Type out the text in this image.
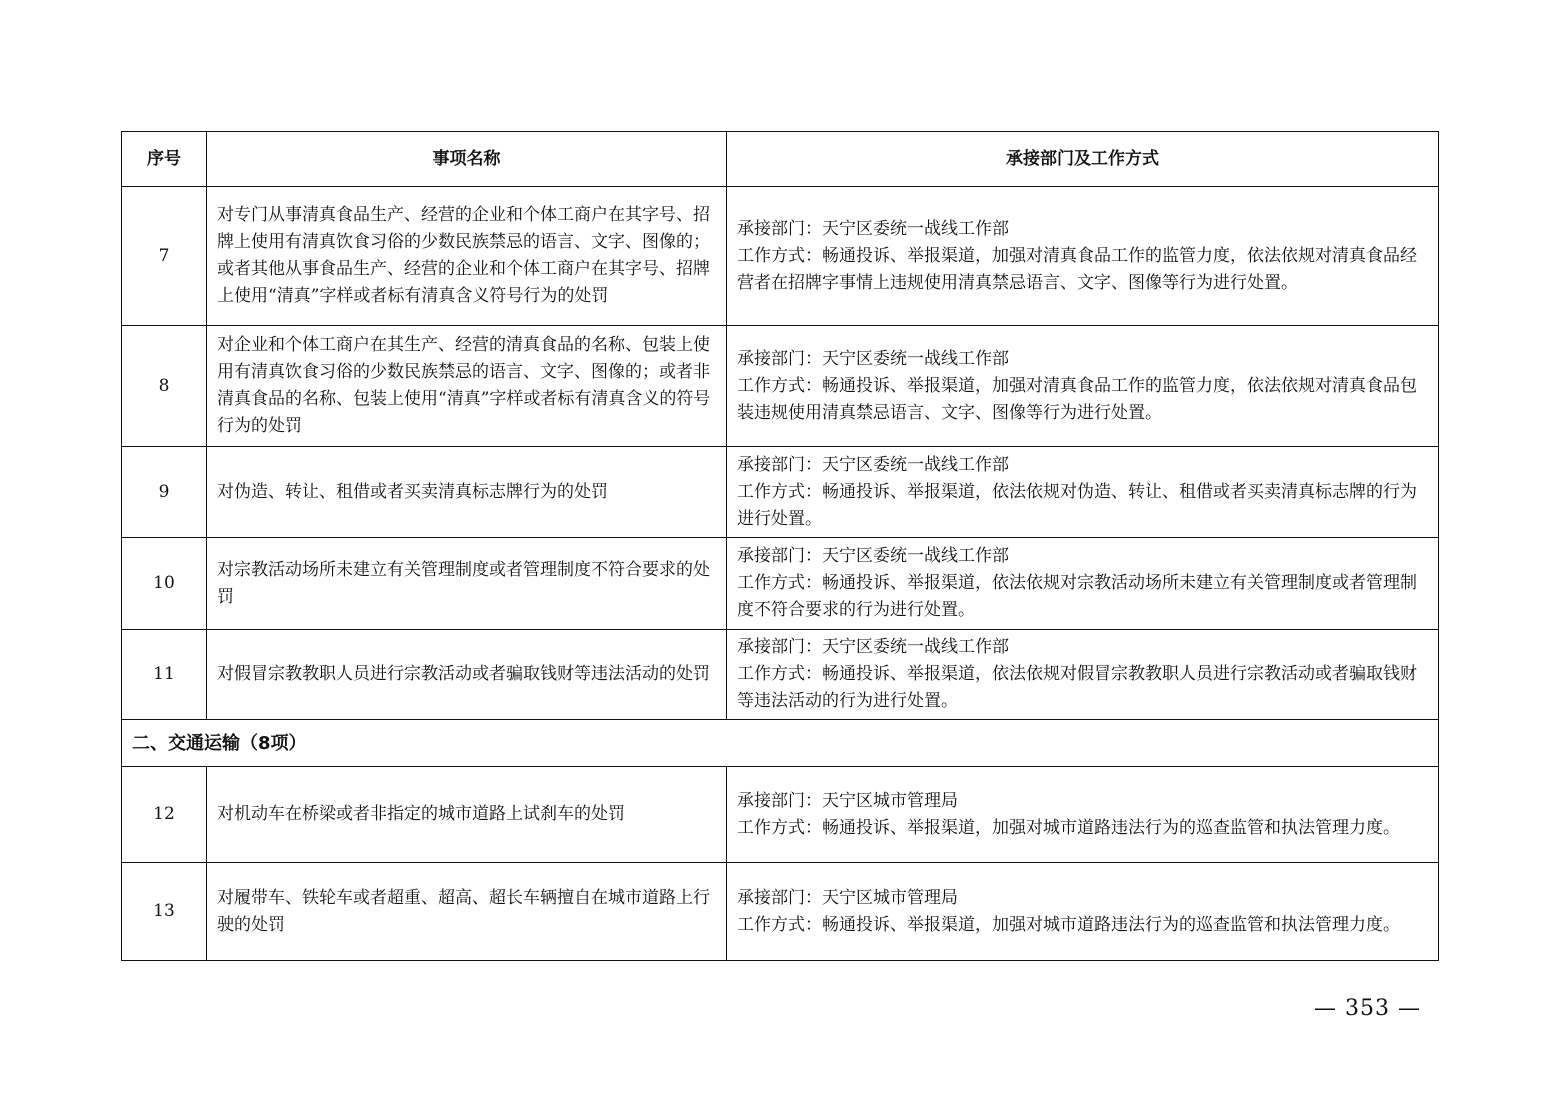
序号	事项名称	承接部门及工作方式
7	对专门从事清真食品生产、经营的企业和个体工商户在其字号、招牌上使用有清真饮食习俗的少数民族禁忌的语言、文字、图像的；或者其他从事食品生产、经营的企业和个体工商户在其字号、招牌上使用“清真”字样或者标有清真含义符号行为的处罚	承接部门：天宁区委统一战线工作部
工作方式：畅通投诉、举报渠道，加强对清真食品工作的监管力度，依法依规对清真食品经营者在招牌字事情上违规使用清真禁忌语言、文字、图像等行为进行处置。

8	对企业和个体工商户在其生产、经营的清真食品的名称、包装上使用有清真饮食习俗的少数民族禁忌的语言、文字、图像的；或者非清真食品的名称、包装上使用“清真”字样或者标有清真含义的符号行为的处罚	承接部门：天宁区委统一战线工作部
工作方式：畅通投诉、举报渠道，加强对清真食品工作的监管力度，依法依规对清真食品包装违规使用清真禁忌语言、文字、图像等行为进行处置。

9	对伪造、转让、租借或者买卖清真标志牌行为的处罚	承接部门：天宁区委统一战线工作部
工作方式：畅通投诉、举报渠道，依法依规对伪造、转让、租借或者买卖清真标志牌的行为进行处置。

10	对宗教活动场所未建立有关管理制度或者管理制度不符合要求的处罚	承接部门：天宁区委统一战线工作部
工作方式：畅通投诉、举报渠道，依法依规对宗教活动场所未建立有关管理制度或者管理制度不符合要求的行为进行处置。

11	对假冒宗教教职人员进行宗教活动或者骗取钱财等违法活动的处罚	承接部门：天宁区委统一战线工作部
工作方式：畅通投诉、举报渠道，依法依规对假冒宗教教职人员进行宗教活动或者骗取钱财等违法活动的行为进行处置。

二、交通运输（8项）		
12	对机动车在桥梁或者非指定的城市道路上试刹车的处罚	承接部门：天宁区城市管理局
工作方式：畅通投诉、举报渠道，加强对城市道路违法行为的巡查监管和执法管理力度。

13	对履带车、铁轮车或者超重、超高、超长车辆擅自在城市道路上行驶的处罚	承接部门：天宁区城市管理局
工作方式：畅通投诉、举报渠道，加强对城市道路违法行为的巡查监管和执法管理力度。
— 353 —
